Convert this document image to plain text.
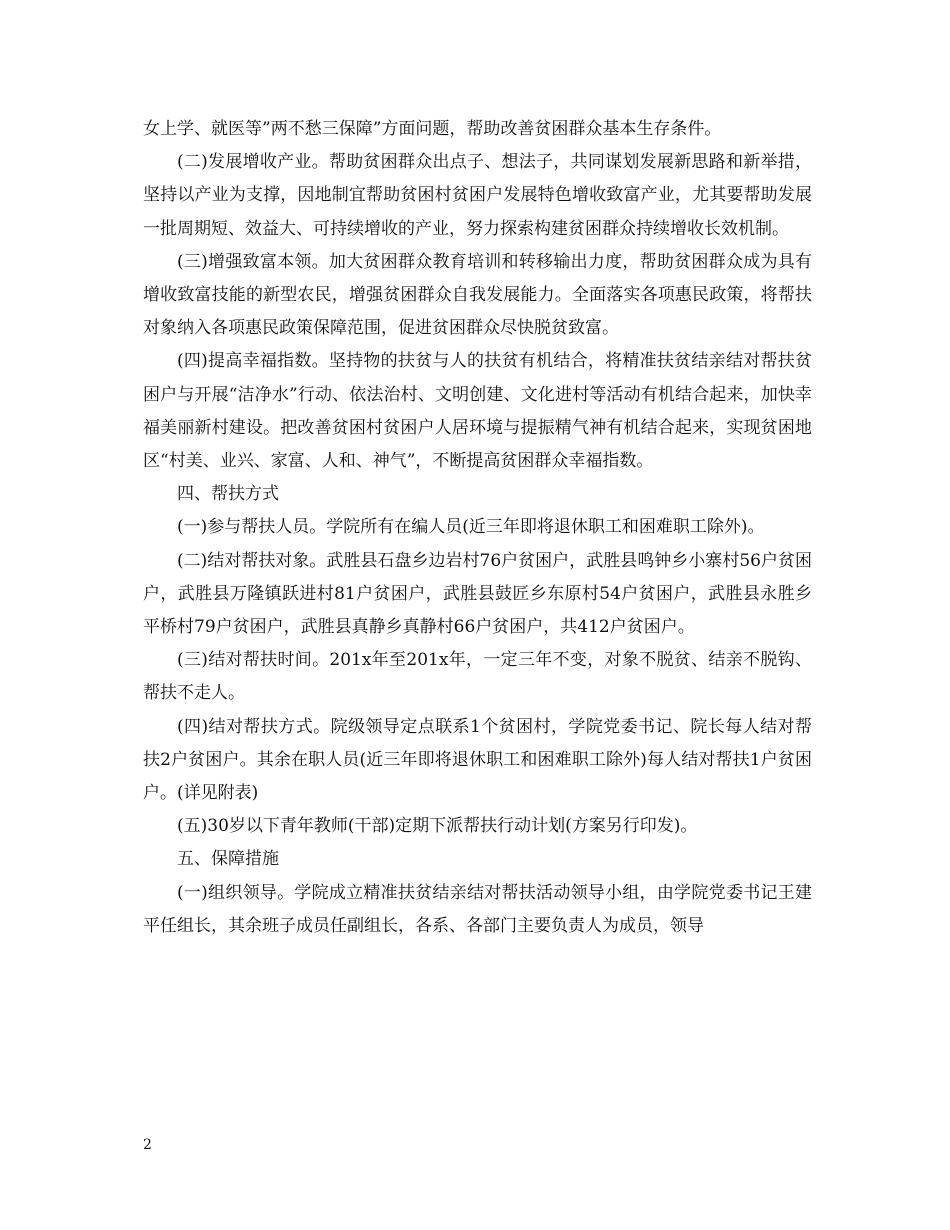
女上学、就医等”两不愁三保障”方面问题，帮助改善贫困群众基本生存条件。

(二)发展增收产业。帮助贫困群众出点子、想法子，共同谋划发展新思路和新举措，坚持以产业为支撑，因地制宜帮助贫困村贫困户发展特色增收致富产业，尤其要帮助发展一批周期短、效益大、可持续增收的产业，努力探索构建贫困群众持续增收长效机制。

(三)增强致富本领。加大贫困群众教育培训和转移输出力度，帮助贫困群众成为具有增收致富技能的新型农民，增强贫困群众自我发展能力。全面落实各项惠民政策，将帮扶对象纳入各项惠民政策保障范围，促进贫困群众尽快脱贫致富。

(四)提高幸福指数。坚持物的扶贫与人的扶贫有机结合，将精准扶贫结亲结对帮扶贫困户与开展“洁净水”行动、依法治村、文明创建、文化进村等活动有机结合起来，加快幸福美丽新村建设。把改善贫困村贫困户人居环境与提振精气神有机结合起来，实现贫困地区“村美、业兴、家富、人和、神气”，不断提高贫困群众幸福指数。

四、帮扶方式

(一)参与帮扶人员。学院所有在编人员(近三年即将退休职工和困难职工除外)。

(二)结对帮扶对象。武胜县石盘乡边岩村76户贫困户，武胜县鸣钟乡小寨村56户贫困户，武胜县万隆镇跃进村81户贫困户，武胜县鼓匠乡东原村54户贫困户，武胜县永胜乡平桥村79户贫困户，武胜县真静乡真静村66户贫困户，共412户贫困户。

(三)结对帮扶时间。201x年至201x年，一定三年不变，对象不脱贫、结亲不脱钩、帮扶不走人。

(四)结对帮扶方式。院级领导定点联系1个贫困村，学院党委书记、院长每人结对帮扶2户贫困户。其余在职人员(近三年即将退休职工和困难职工除外)每人结对帮扶1户贫困户。(详见附表)

(五)30岁以下青年教师(干部)定期下派帮扶行动计划(方案另行印发)。

五、保障措施

(一)组织领导。学院成立精准扶贫结亲结对帮扶活动领导小组，由学院党委书记王建平任组长，其余班子成员任副组长，各系、各部门主要负责人为成员，领导

2
